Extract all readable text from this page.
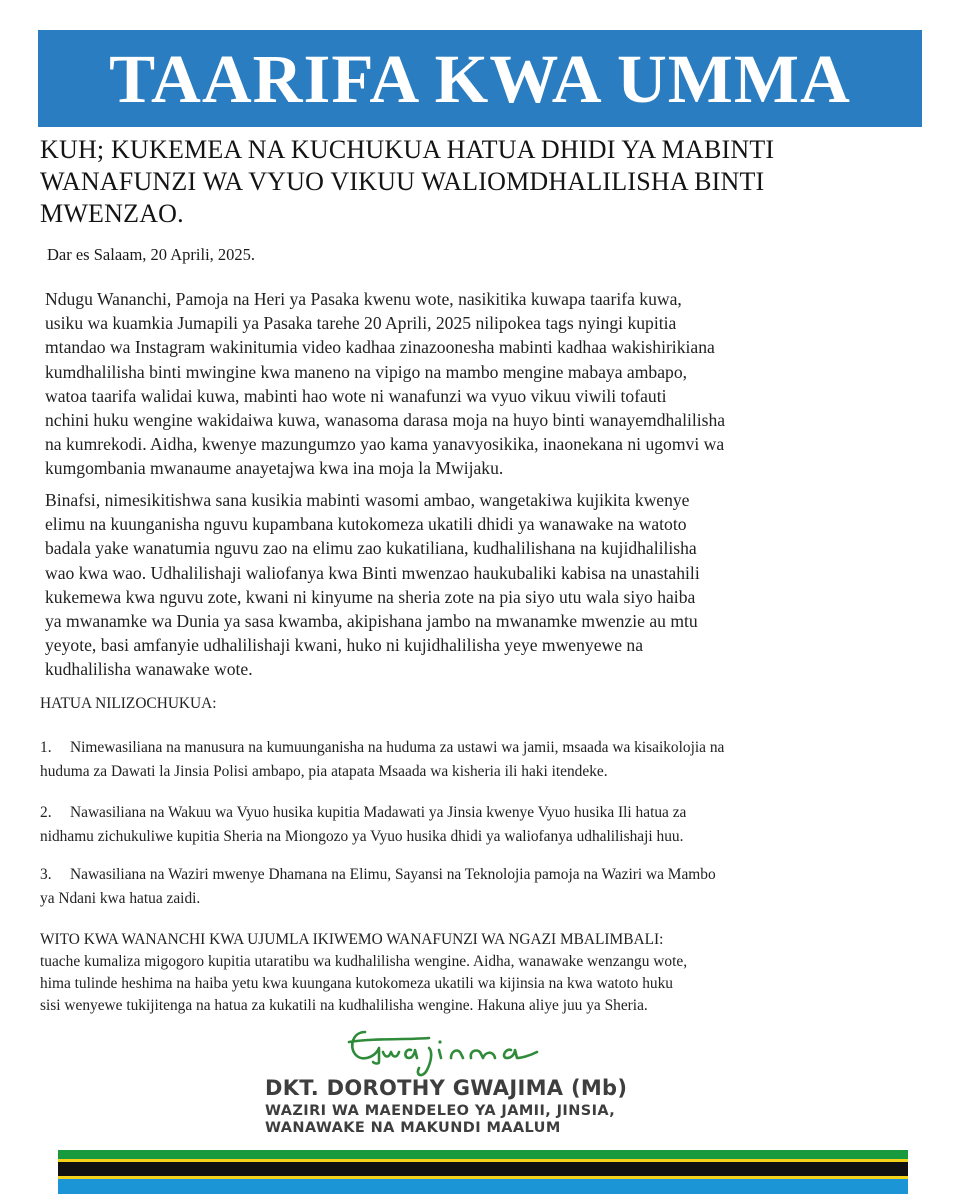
TAARIFA KWA UMMA
KUH; KUKEMEA NA KUCHUKUA HATUA DHIDI YA MABINTI
WANAFUNZI WA VYUO VIKUU WALIOMDHALILISHA BINTI
MWENZAO.
Dar es Salaam, 20 Aprili, 2025.
Ndugu Wananchi, Pamoja na Heri ya Pasaka kwenu wote, nasikitika kuwapa taarifa kuwa,
usiku wa kuamkia Jumapili ya Pasaka tarehe 20 Aprili, 2025 nilipokea tags nyingi kupitia
mtandao wa Instagram wakinitumia video kadhaa zinazoonesha mabinti kadhaa wakishirikiana
kumdhalilisha binti mwingine kwa maneno na vipigo na mambo mengine mabaya ambapo,
watoa taarifa walidai kuwa, mabinti hao wote ni wanafunzi wa vyuo vikuu viwili tofauti
nchini huku wengine wakidaiwa kuwa, wanasoma darasa moja na huyo binti wanayemdhalilisha
na kumrekodi. Aidha, kwenye mazungumzo yao kama yanavyosikika, inaonekana ni ugomvi wa
kumgombania mwanaume anayetajwa kwa ina moja la Mwijaku.
Binafsi, nimesikitishwa sana kusikia mabinti wasomi ambao, wangetakiwa kujikita kwenye
elimu na kuunganisha nguvu kupambana kutokomeza ukatili dhidi ya wanawake na watoto
badala yake wanatumia nguvu zao na elimu zao kukatiliana, kudhalilishana na kujidhalilisha
wao kwa wao. Udhalilishaji waliofanya kwa Binti mwenzao haukubaliki kabisa na unastahili
kukemewa kwa nguvu zote, kwani ni kinyume na sheria zote na pia siyo utu wala siyo haiba
ya mwanamke wa Dunia ya sasa kwamba, akipishana jambo na mwanamke mwenzie au mtu
yeyote, basi amfanyie udhalilishaji kwani, huko ni kujidhalilisha yeye mwenyewe na
kudhalilisha wanawake wote.
HATUA NILIZOCHUKUA:
1. Nimewasiliana na manusura na kumuunganisha na huduma za ustawi wa jamii, msaada wa kisaikolojia na
huduma za Dawati la Jinsia Polisi ambapo, pia atapata Msaada wa kisheria ili haki itendeke.
2. Nawasiliana na Wakuu wa Vyuo husika kupitia Madawati ya Jinsia kwenye Vyuo husika Ili hatua za
nidhamu zichukuliwe kupitia Sheria na Miongozo ya Vyuo husika dhidi ya waliofanya udhalilishaji huu.
3. Nawasiliana na Waziri mwenye Dhamana na Elimu, Sayansi na Teknolojia pamoja na Waziri wa Mambo
ya Ndani kwa hatua zaidi.
WITO KWA WANANCHI KWA UJUMLA IKIWEMO WANAFUNZI WA NGAZI MBALIMBALI:
tuache kumaliza migogoro kupitia utaratibu wa kudhalilisha wengine. Aidha, wanawake wenzangu wote,
hima tulinde heshima na haiba yetu kwa kuungana kutokomeza ukatili wa kijinsia na kwa watoto huku
sisi wenyewe tukijitenga na hatua za kukatili na kudhalilisha wengine. Hakuna aliye juu ya Sheria.
Gwajima
DKT. DOROTHY GWAJIMA (Mb)
WAZIRI WA MAENDELEO YA JAMII, JINSIA,
WANAWAKE NA MAKUNDI MAALUM
